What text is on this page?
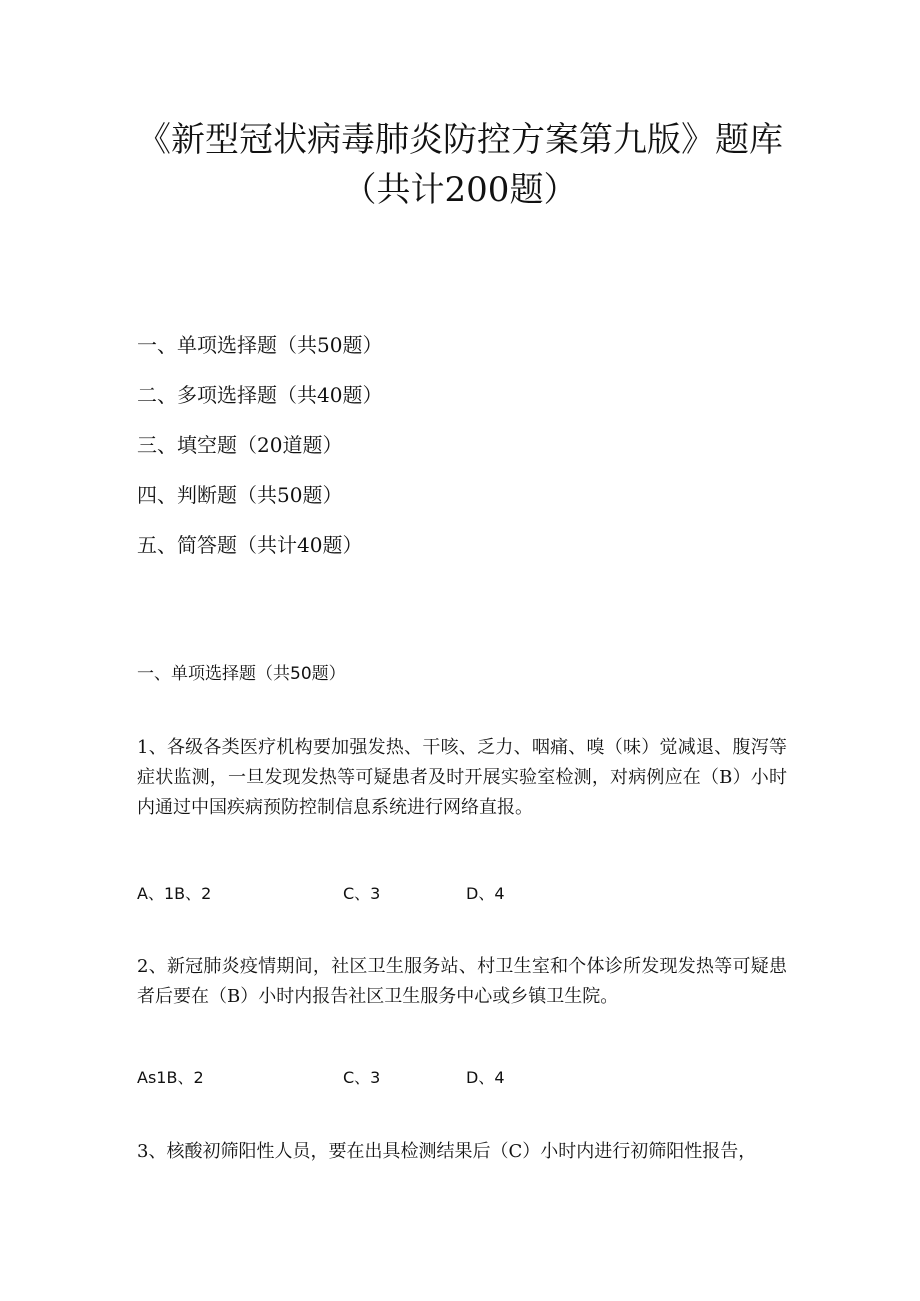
《新型冠状病毒肺炎防控方案第九版》题库
（共计200题）
一、单项选择题（共50题）
二、多项选择题（共40题）
三、填空题（20道题）
四、判断题（共50题）
五、简答题（共计40题）
一、单项选择题（共50题）
1、各级各类医疗机构要加强发热、干咳、乏力、咽痛、嗅（味）觉减退、腹泻等症状监测，一旦发现发热等可疑患者及时开展实验室检测，对病例应在（B）小时内通过中国疾病预防控制信息系统进行网络直报。
A、1B、2	C、3	D、4
2、新冠肺炎疫情期间，社区卫生服务站、村卫生室和个体诊所发现发热等可疑患者后要在（B）小时内报告社区卫生服务中心或乡镇卫生院。
As1B、2	C、3	D、4
3、核酸初筛阳性人员，要在出具检测结果后（C）小时内进行初筛阳性报告，
